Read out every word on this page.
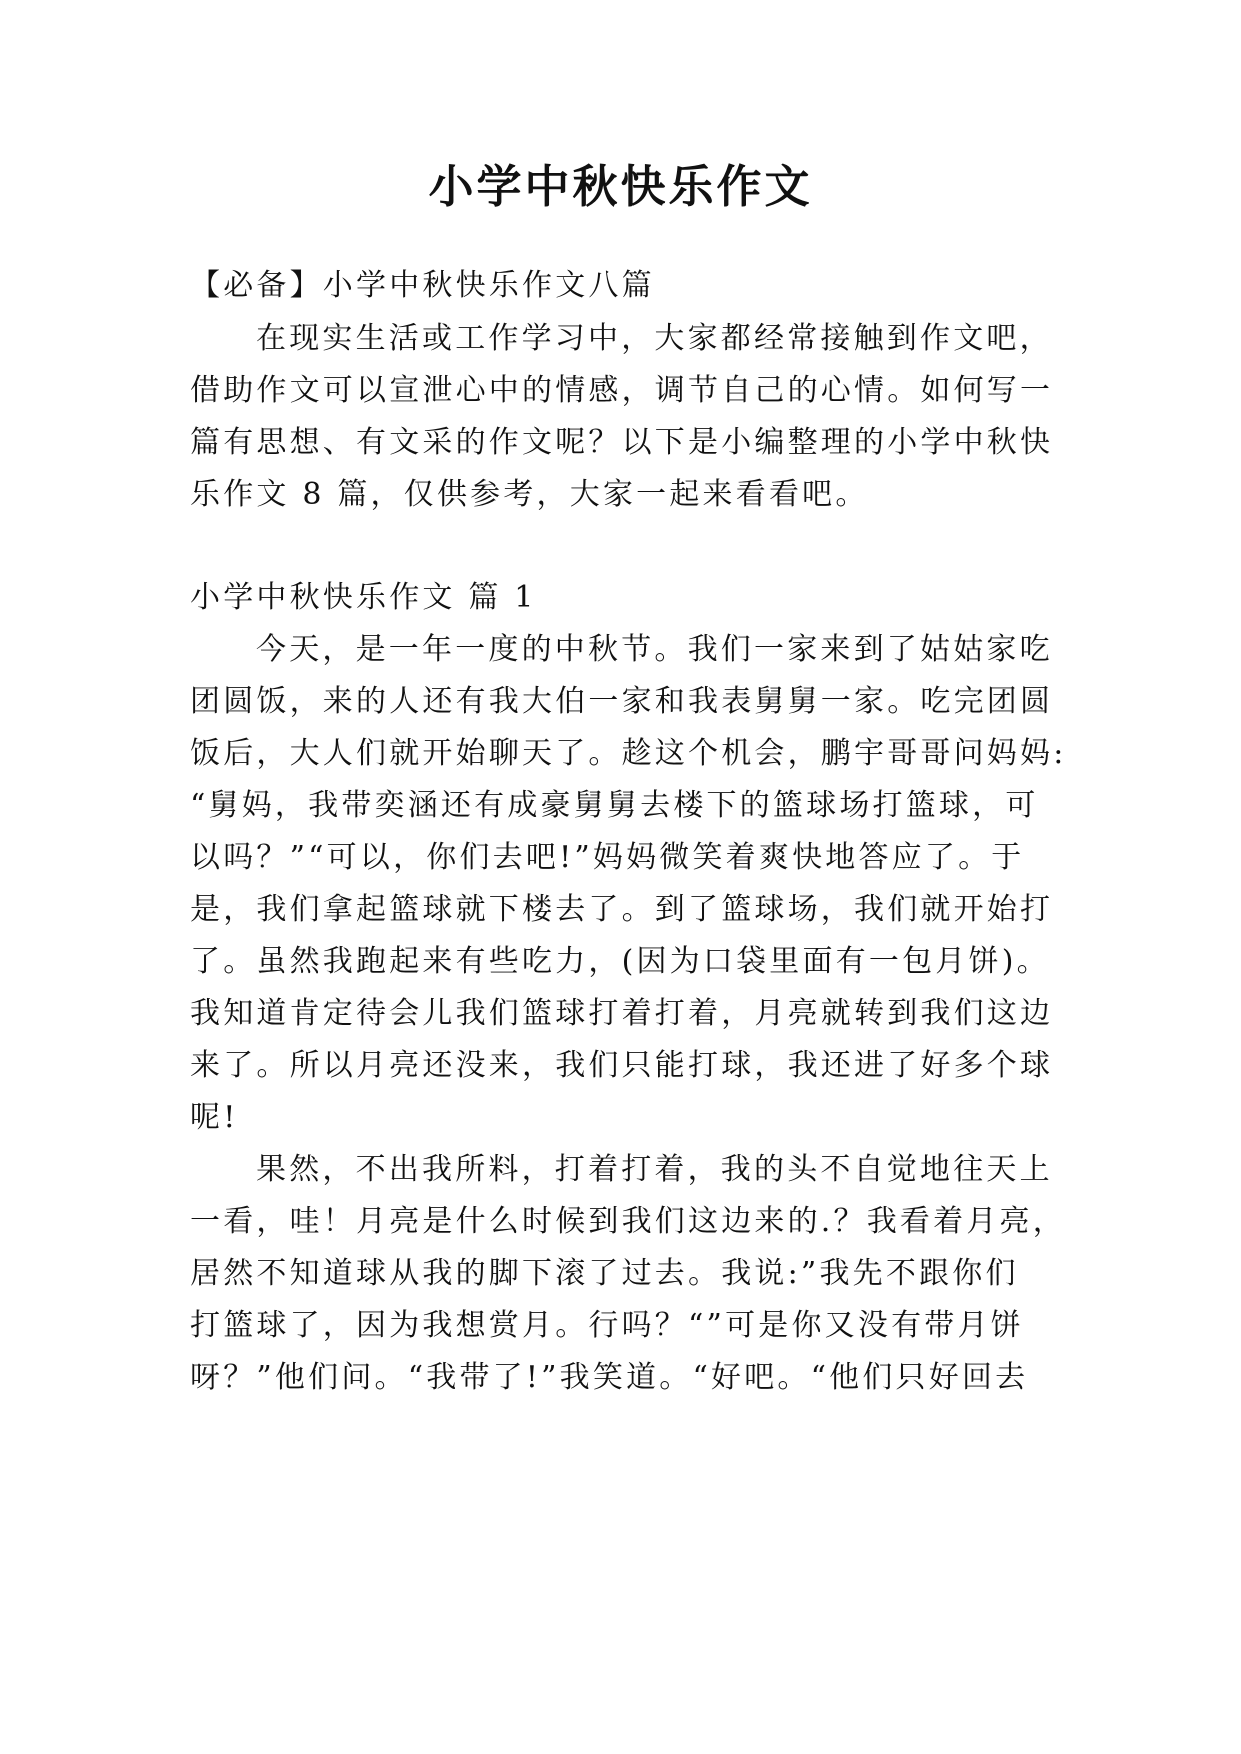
小学中秋快乐作文
【必备】小学中秋快乐作文八篇
在现实生活或工作学习中，大家都经常接触到作文吧，
借助作文可以宣泄心中的情感，调节自己的心情。如何写一
篇有思想、有文采的作文呢？以下是小编整理的小学中秋快
乐作文 8 篇，仅供参考，大家一起来看看吧。
小学中秋快乐作文 篇 1
今天，是一年一度的中秋节。我们一家来到了姑姑家吃
团圆饭，来的人还有我大伯一家和我表舅舅一家。吃完团圆
饭后，大人们就开始聊天了。趁这个机会，鹏宇哥哥问妈妈:
“舅妈，我带奕涵还有成豪舅舅去楼下的篮球场打篮球，可
以吗？”“可以，你们去吧!”妈妈微笑着爽快地答应了。于
是，我们拿起篮球就下楼去了。到了篮球场，我们就开始打
了。虽然我跑起来有些吃力，(因为口袋里面有一包月饼)。
我知道肯定待会儿我们篮球打着打着，月亮就转到我们这边
来了。所以月亮还没来，我们只能打球，我还进了好多个球
呢!
果然，不出我所料，打着打着，我的头不自觉地往天上
一看，哇！月亮是什么时候到我们这边来的.？我看着月亮，
居然不知道球从我的脚下滚了过去。我说:”我先不跟你们
打篮球了，因为我想赏月。行吗？“”可是你又没有带月饼
呀？”他们问。“我带了!”我笑道。“好吧。“他们只好回去
